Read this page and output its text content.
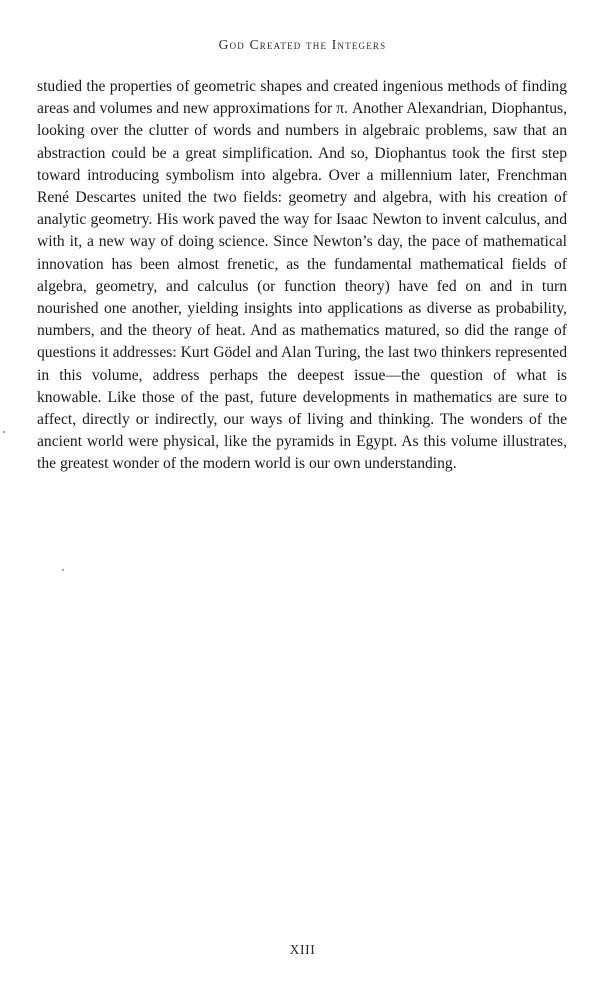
God Created the Integers

studied the properties of geometric shapes and created ingenious methods of finding areas and volumes and new approximations for π. Another Alexandrian, Diophantus, looking over the clutter of words and numbers in algebraic problems, saw that an abstraction could be a great simplification. And so, Diophantus took the first step toward introducing symbolism into algebra. Over a millennium later, Frenchman René Descartes united the two fields: geometry and algebra, with his creation of analytic geometry. His work paved the way for Isaac Newton to invent calculus, and with it, a new way of doing science. Since Newton’s day, the pace of mathematical innovation has been almost frenetic, as the fundamental mathematical fields of algebra, geometry, and calculus (or function theory) have fed on and in turn nourished one another, yielding insights into applications as diverse as probability, numbers, and the theory of heat. And as mathematics matured, so did the range of questions it addresses: Kurt Gödel and Alan Turing, the last two thinkers represented in this volume, address perhaps the deepest issue—the question of what is knowable. Like those of the past, future developments in mathematics are sure to affect, directly or indirectly, our ways of living and thinking. The wonders of the ancient world were physical, like the pyramids in Egypt. As this volume illustrates, the greatest wonder of the modern world is our own understanding.

XIII
